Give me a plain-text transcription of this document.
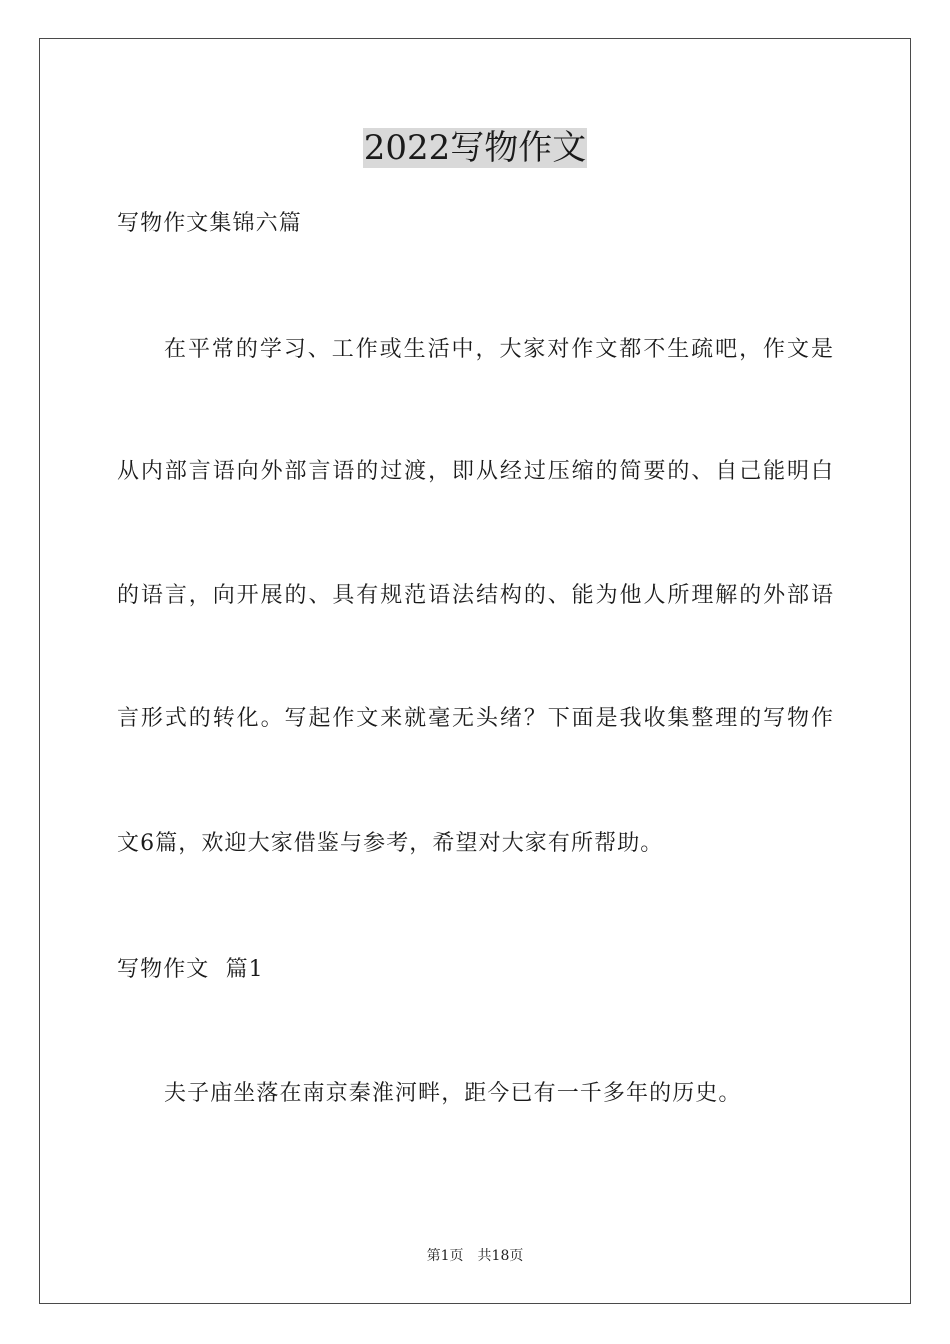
2022写物作文

写物作文集锦六篇

在平常的学习、工作或生活中，大家对作文都不生疏吧，作文是

从内部言语向外部言语的过渡，即从经过压缩的简要的、自己能明白

的语言，向开展的、具有规范语法结构的、能为他人所理解的外部语

言形式的转化。写起作文来就毫无头绪？下面是我收集整理的写物作

文6篇，欢迎大家借鉴与参考，希望对大家有所帮助。

写物作文  篇1

夫子庙坐落在南京秦淮河畔，距今已有一千多年的历史。

第1页 共18页
